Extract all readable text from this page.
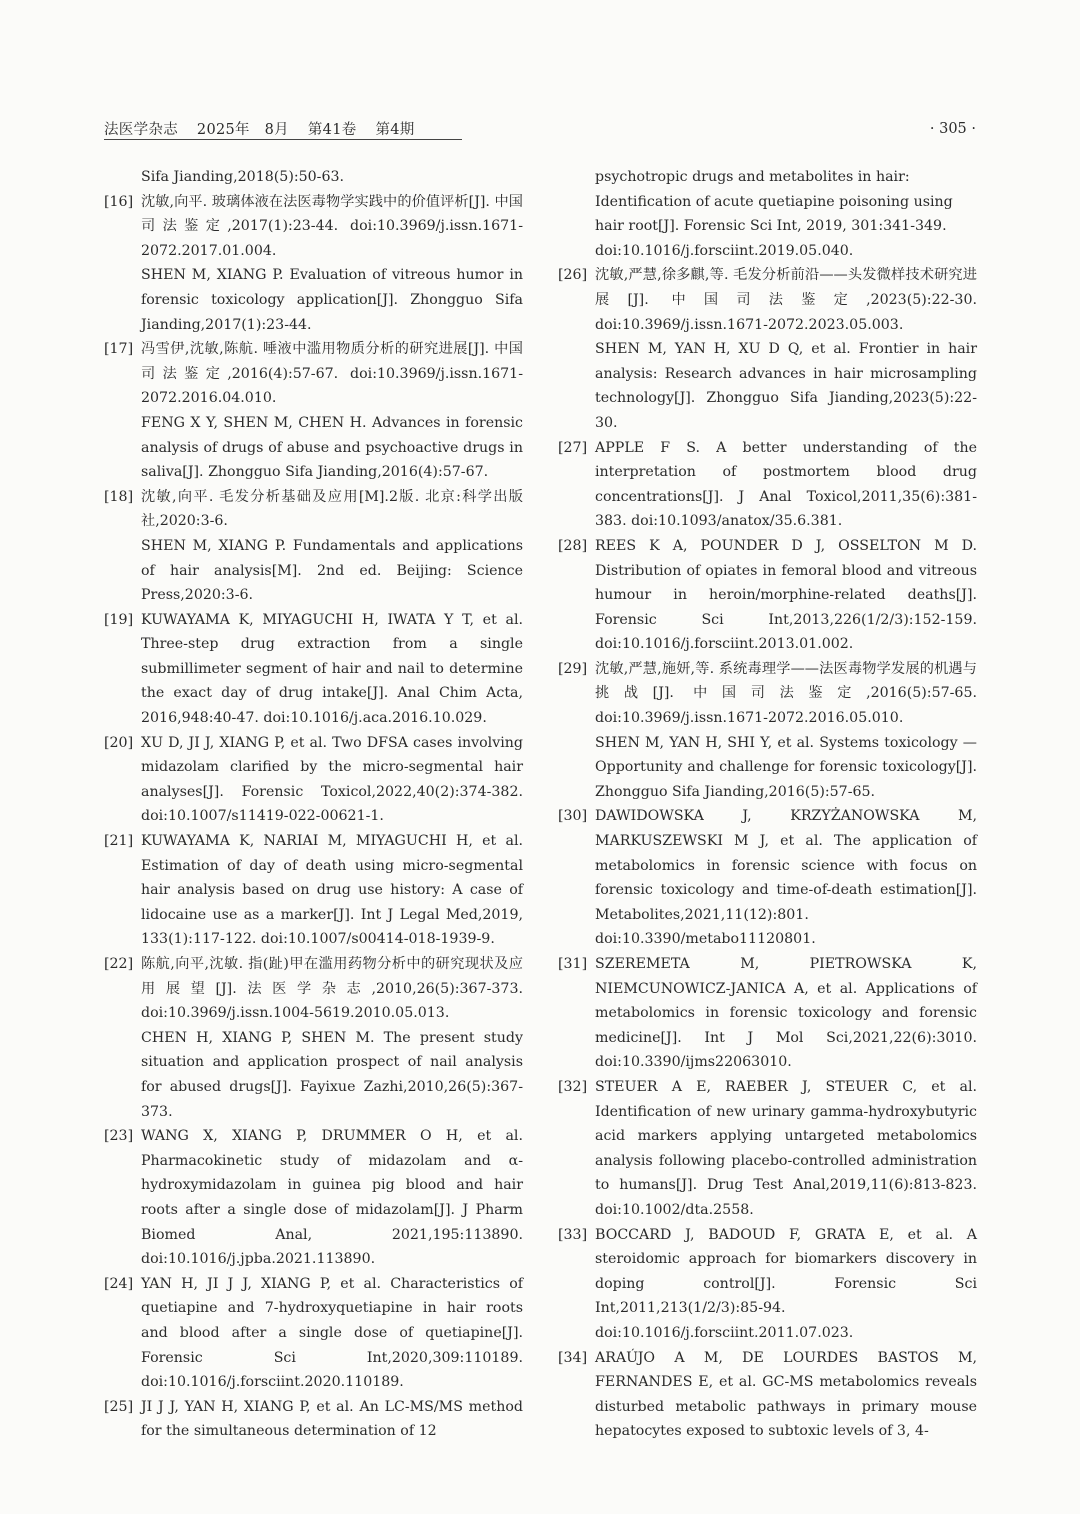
法医学杂志 2025年　8月 第41卷 第4期	· 305 ·
Sifa Jianding,2018(5):50-63.
[16] 沈敏,向平. 玻璃体液在法医毒物学实践中的价值评析[J]. 中国司法鉴定,2017(1):23-44. doi:10.3969/j.issn.1671-2072.2017.01.004.
SHEN M, XIANG P. Evaluation of vitreous humor in forensic toxicology application[J]. Zhongguo Sifa Jianding,2017(1):23-44.
[17] 冯雪伊,沈敏,陈航. 唾液中滥用物质分析的研究进展[J]. 中国司法鉴定,2016(4):57-67. doi:10.3969/j.issn.1671-2072.2016.04.010.
FENG X Y, SHEN M, CHEN H. Advances in forensic analysis of drugs of abuse and psychoactive drugs in saliva[J]. Zhongguo Sifa Jianding,2016(4):57-67.
[18] 沈敏,向平. 毛发分析基础及应用[M].2版. 北京:科学出版社,2020:3-6.
SHEN M, XIANG P. Fundamentals and applications of hair analysis[M]. 2nd ed. Beijing: Science Press,2020:3-6.
[19] KUWAYAMA K, MIYAGUCHI H, IWATA Y T, et al. Three-step drug extraction from a single submillimeter segment of hair and nail to determine the exact day of drug intake[J]. Anal Chim Acta, 2016,948:40-47. doi:10.1016/j.aca.2016.10.029.
[20] XU D, JI J, XIANG P, et al. Two DFSA cases involving midazolam clarified by the micro-segmental hair analyses[J]. Forensic Toxicol,2022,40(2):374-382. doi:10.1007/s11419-022-00621-1.
[21] KUWAYAMA K, NARIAI M, MIYAGUCHI H, et al. Estimation of day of death using micro-segmental hair analysis based on drug use history: A case of lidocaine use as a marker[J]. Int J Legal Med,2019, 133(1):117-122. doi:10.1007/s00414-018-1939-9.
[22] 陈航,向平,沈敏. 指(趾)甲在滥用药物分析中的研究现状及应用展望[J].法医学杂志,2010,26(5):367-373. doi:10.3969/j.issn.1004-5619.2010.05.013.
CHEN H, XIANG P, SHEN M. The present study situation and application prospect of nail analysis for abused drugs[J]. Fayixue Zazhi,2010,26(5):367-373.
[23] WANG X, XIANG P, DRUMMER O H, et al. Pharmacokinetic study of midazolam and α-hydroxymidazolam in guinea pig blood and hair roots after a single dose of midazolam[J]. J Pharm Biomed Anal, 2021,195:113890. doi:10.1016/j.jpba.2021.113890.
[24] YAN H, JI J J, XIANG P, et al. Characteristics of quetiapine and 7-hydroxyquetiapine in hair roots and blood after a single dose of quetiapine[J]. Forensic Sci Int,2020,309:110189. doi:10.1016/j.forsciint.2020.110189.
[25] JI J J, YAN H, XIANG P, et al. An LC-MS/MS method for the simultaneous determination of 12
psychotropic drugs and metabolites in hair: Identification of acute quetiapine poisoning using hair root[J]. Forensic Sci Int, 2019, 301:341-349. doi:10.1016/j.forsciint.2019.05.040.
[26] 沈敏,严慧,徐多麒,等. 毛发分析前沿——头发微样技术研究进展[J]. 中国司法鉴定,2023(5):22-30. doi:10.3969/j.issn.1671-2072.2023.05.003.
SHEN M, YAN H, XU D Q, et al. Frontier in hair analysis: Research advances in hair microsampling technology[J]. Zhongguo Sifa Jianding,2023(5):22-30.
[27] APPLE F S. A better understanding of the interpretation of postmortem blood drug concentrations[J]. J Anal Toxicol,2011,35(6):381-383. doi:10.1093/anatox/35.6.381.
[28] REES K A, POUNDER D J, OSSELTON M D. Distribution of opiates in femoral blood and vitreous humour in heroin/morphine-related deaths[J]. Forensic Sci Int,2013,226(1/2/3):152-159. doi:10.1016/j.forsciint.2013.01.002.
[29] 沈敏,严慧,施妍,等. 系统毒理学——法医毒物学发展的机遇与挑战[J]. 中国司法鉴定,2016(5):57-65. doi:10.3969/j.issn.1671-2072.2016.05.010.
SHEN M, YAN H, SHI Y, et al. Systems toxicology — Opportunity and challenge for forensic toxicology[J]. Zhongguo Sifa Jianding,2016(5):57-65.
[30] DAWIDOWSKA J, KRZYŻANOWSKA M, MARKUSZEWSKI M J, et al. The application of metabolomics in forensic science with focus on forensic toxicology and time-of-death estimation[J]. Metabolites,2021,11(12):801. doi:10.3390/metabo11120801.
[31] SZEREMETA M, PIETROWSKA K, NIEMCUNOWICZ-JANICA A, et al. Applications of metabolomics in forensic toxicology and forensic medicine[J]. Int J Mol Sci,2021,22(6):3010. doi:10.3390/ijms22063010.
[32] STEUER A E, RAEBER J, STEUER C, et al. Identification of new urinary gamma-hydroxybutyric acid markers applying untargeted metabolomics analysis following placebo-controlled administration to humans[J]. Drug Test Anal,2019,11(6):813-823. doi:10.1002/dta.2558.
[33] BOCCARD J, BADOUD F, GRATA E, et al. A steroidomic approach for biomarkers discovery in doping control[J]. Forensic Sci Int,2011,213(1/2/3):85-94. doi:10.1016/j.forsciint.2011.07.023.
[34] ARAÚJO A M, DE LOURDES BASTOS M, FERNANDES E, et al. GC-MS metabolomics reveals disturbed metabolic pathways in primary mouse hepatocytes exposed to subtoxic levels of 3, 4-
